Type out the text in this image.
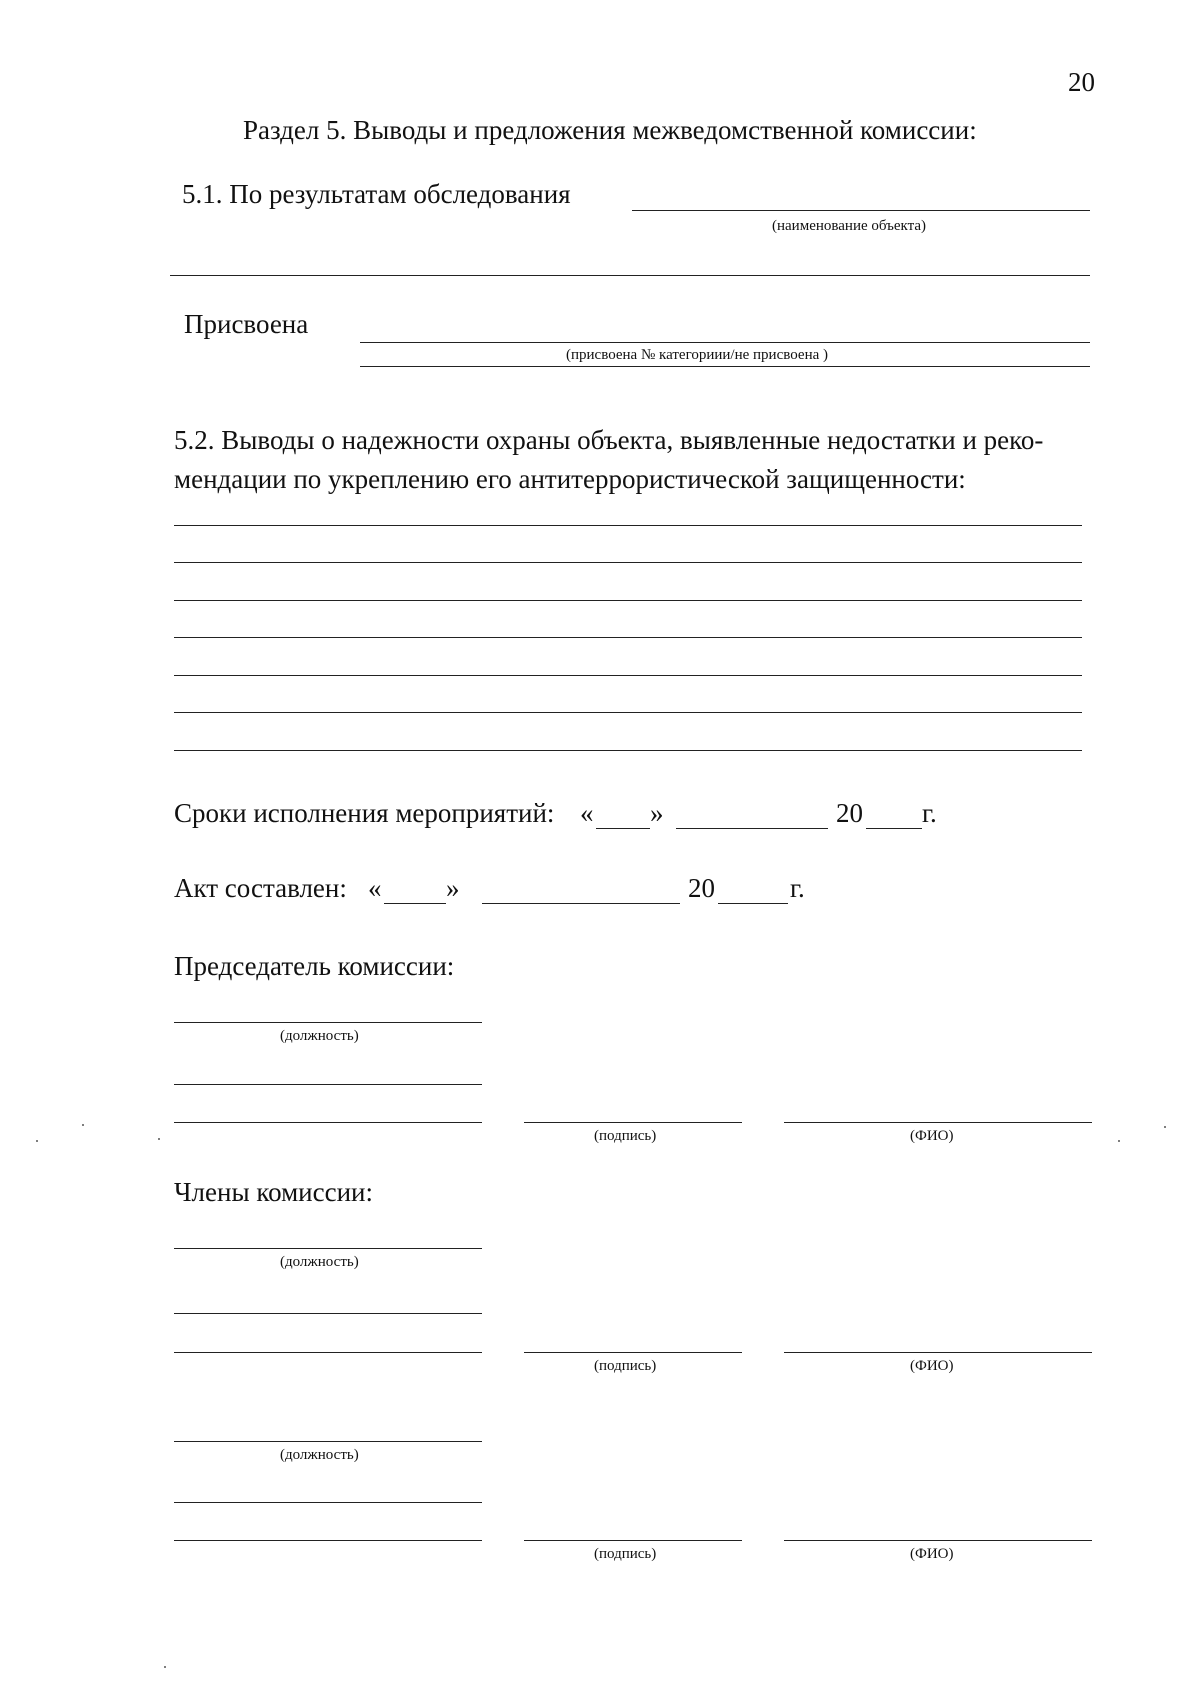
20
Раздел 5. Выводы и предложения межведомственной комиссии:
5.1. По результатам обследования
(наименование объекта)
Присвоена
(присвоена № категориии/не присвоена )
5.2. Выводы о надежности охраны объекта, выявленные недостатки и реко-
мендации по укреплению его антитеррористической защищенности:
Сроки исполнения мероприятий: « »	20 г.
Акт составлен: « »	20	г.
Председатель комиссии:
(должность)
(подпись)	(ФИО)
Члены комиссии:
(должность)
(подпись)	(ФИО)
(должность)
(подпись)	(ФИО)
